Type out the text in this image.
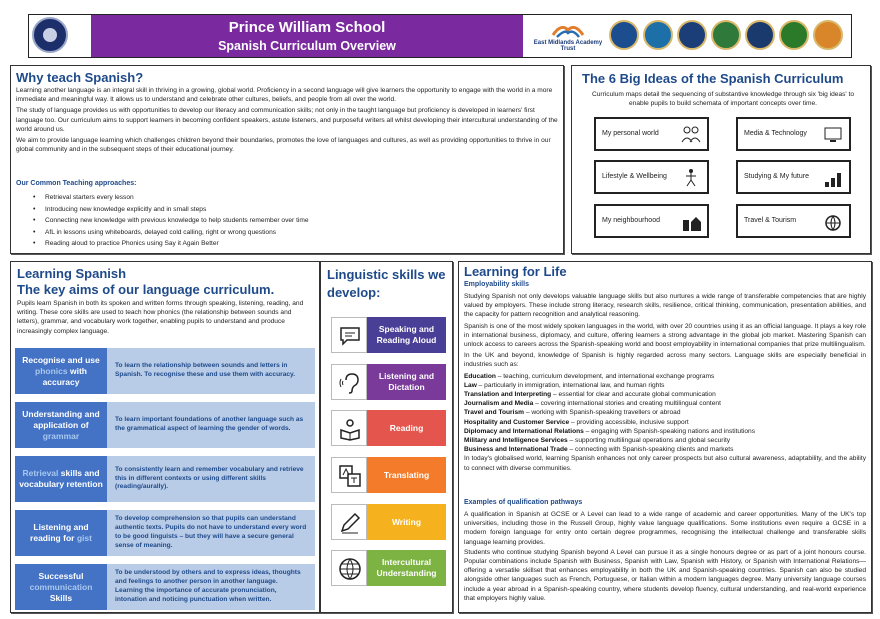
Prince William School
Spanish Curriculum Overview	East Midlands Academy Trust
Why teach Spanish?

Learning another language is an integral skill in thriving in a growing, global world. Proficiency in a second language will give learners the opportunity to engage with the world in a more immediate and meaningful way. It allows us to understand and celebrate other cultures, beliefs, and people from all over the world.

The study of language provides us with opportunities to develop our literacy and communication skills; not only in the taught language but proficiency is developed in learners' first language too. Our curriculum aims to support learners in becoming confident speakers, astute listeners, and purposeful writers all whilst developing their intercultural understanding of the world around us.

We aim to provide language learning which challenges children beyond their boundaries, promotes the love of languages and cultures, as well as providing opportunities to thrive in our global community and in the subsequent steps of their educational journey.

Our Common Teaching approaches:
• Retrieval starters every lesson
• Introducing new knowledge explicitly and in small steps
• Connecting new knowledge with previous knowledge to help students remember over time
• AfL in lessons using whiteboards, delayed cold calling, right or wrong questions
• Reading aloud to practice Phonics using Say it Again Better
The 6 Big Ideas of the Spanish Curriculum
Curriculum maps detail the sequencing of substantive knowledge through six 'big ideas' to enable pupils to build schemata of important concepts over time.
My personal world	Media & Technology
Lifestyle & Wellbeing	Studying & My future
My neighbourhood	Travel & Tourism
Learning Spanish
The key aims of our language curriculum.
Pupils learn Spanish in both its spoken and written forms through speaking, listening, reading, and writing. These core skills are used to teach how phonics (the relationship between sounds and letters), grammar, and vocabulary work together, enabling pupils to understand and produce increasingly complex language.
Recognise and use phonics with accuracy
To learn the relationship between sounds and letters in Spanish. To recognise these and use them with accuracy.
Understanding and application of grammar
To learn important foundations of another language such as the grammatical aspect of learning the gender of words.
Retrieval skills and vocabulary retention
To consistently learn and remember vocabulary and retrieve this in different contexts or using different skills (reading/aurally).
Listening and reading for gist
To develop comprehension so that pupils can understand authentic texts. Pupils do not have to understand every word to be good linguists – but they will have a secure general sense of meaning.
Successful communication Skills
To be understood by others and to express ideas, thoughts and feelings to another person in another language. Learning the importance of accurate pronunciation, intonation and noticing punctuation when written.
Linguistic skills we develop:
Speaking and Reading Aloud
Listening and Dictation
Reading
Translating
Writing
Intercultural Understanding
Learning for Life
Employability skills

Studying Spanish not only develops valuable language skills but also nurtures a wide range of transferable competencies that are highly valued by employers. These include strong literacy, research skills, resilience, critical thinking, communication, presentation abilities, and the capacity for pattern recognition and analytical reasoning.

Spanish is one of the most widely spoken languages in the world, with over 20 countries using it as an official language. It plays a key role in international business, diplomacy, and culture, offering learners a strong advantage in the global job market. Mastering Spanish can unlock access to careers across the Spanish-speaking world and boost employability in international companies that prize multilingualism.

In the UK and beyond, knowledge of Spanish is highly regarded across many sectors. Language skills are especially beneficial in industries such as:

Education – teaching, curriculum development, and international exchange programs
Law – particularly in immigration, international law, and human rights
Translation and Interpreting – essential for clear and accurate global communication
Journalism and Media – covering international stories and creating multilingual content
Travel and Tourism – working with Spanish-speaking travellers or abroad
Hospitality and Customer Service – providing accessible, inclusive support
Diplomacy and International Relations – engaging with Spanish-speaking nations and institutions
Military and Intelligence Services – supporting multilingual operations and global security
Business and International Trade – connecting with Spanish-speaking clients and markets

In today's globalised world, learning Spanish enhances not only career prospects but also cultural awareness, adaptability, and the ability to connect with diverse communities.

Examples of qualification pathways

A qualification in Spanish at GCSE or A Level can lead to a wide range of academic and career opportunities. Many of the UK's top universities, including those in the Russell Group, highly value language qualifications. Some institutions even require a GCSE in a modern foreign language for entry onto certain degree programmes, recognising the intellectual challenge and transferable skills language learning provides.

Students who continue studying Spanish beyond A Level can pursue it as a single honours degree or as part of a joint honours course. Popular combinations include Spanish with Business, Spanish with Law, Spanish with History, or Spanish with International Relations—offering a versatile skillset that enhances employability in both the UK and Spanish-speaking countries. Spanish can also be studied alongside other languages such as French, Portuguese, or Italian within a modern languages degree. Many university language courses include a year abroad in a Spanish-speaking country, where students develop fluency, cultural understanding, and real-world experience that employers highly value.
